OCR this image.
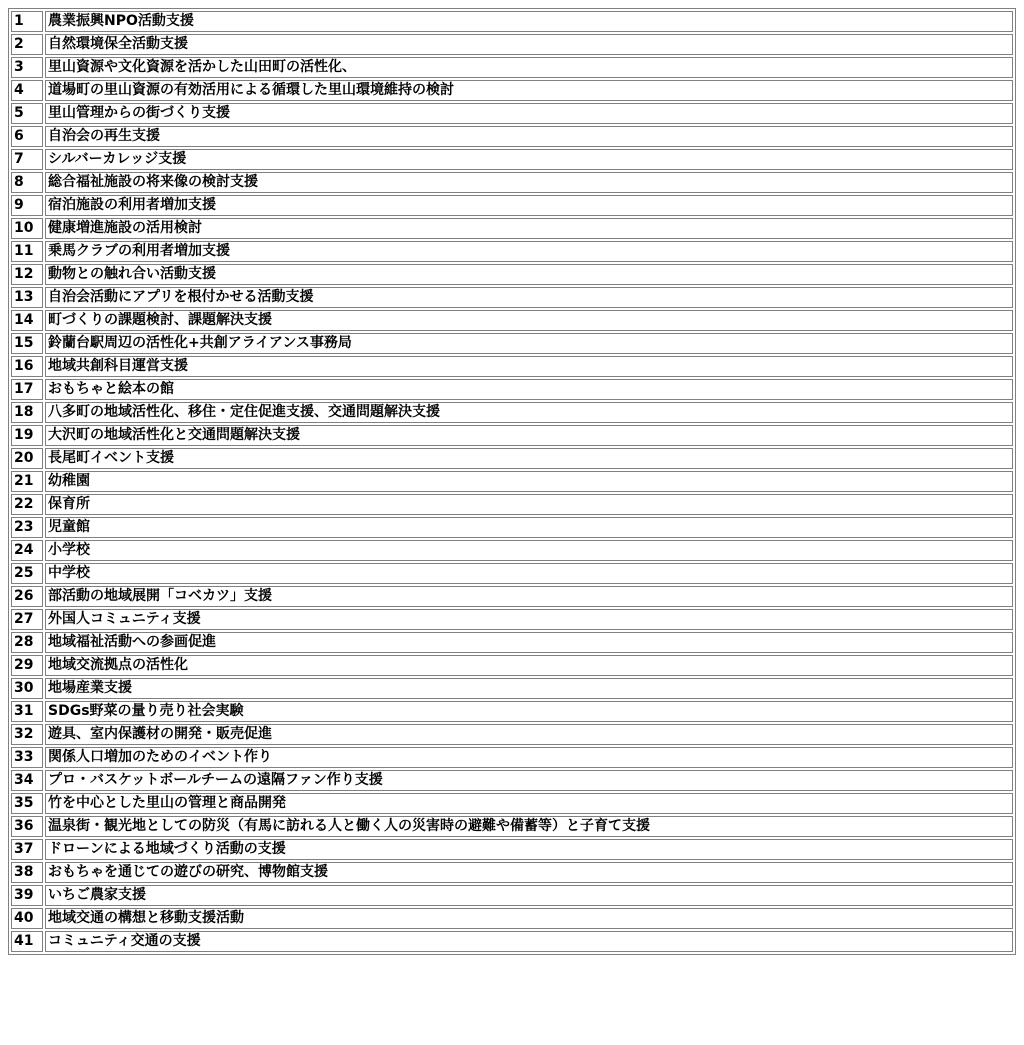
1	農業振興NPO活動支援
2	自然環境保全活動支援
3	里山資源や文化資源を活かした山田町の活性化、
4	道場町の里山資源の有効活用による循環した里山環境維持の検討
5	里山管理からの街づくり支援
6	自治会の再生支援
7	シルバーカレッジ支援
8	総合福祉施設の将来像の検討支援
9	宿泊施設の利用者増加支援
10	健康増進施設の活用検討
11	乗馬クラブの利用者増加支援
12	動物との触れ合い活動支援
13	自治会活動にアプリを根付かせる活動支援
14	町づくりの課題検討、課題解決支援
15	鈴蘭台駅周辺の活性化+共創アライアンス事務局
16	地域共創科目運営支援
17	おもちゃと絵本の館
18	八多町の地域活性化、移住・定住促進支援、交通問題解決支援
19	大沢町の地域活性化と交通問題解決支援
20	長尾町イベント支援
21	幼稚園
22	保育所
23	児童館
24	小学校
25	中学校
26	部活動の地域展開「コベカツ」支援
27	外国人コミュニティ支援
28	地域福祉活動への参画促進
29	地域交流拠点の活性化
30	地場産業支援
31	SDGs野菜の量り売り社会実験
32	遊具、室内保護材の開発・販売促進
33	関係人口増加のためのイベント作り
34	プロ・バスケットボールチームの遠隔ファン作り支援
35	竹を中心とした里山の管理と商品開発
36	温泉街・観光地としての防災（有馬に訪れる人と働く人の災害時の避難や備蓄等）と子育て支援
37	ドローンによる地域づくり活動の支援
38	おもちゃを通じての遊びの研究、博物館支援
39	いちご農家支援
40	地域交通の構想と移動支援活動
41	コミュニティ交通の支援
